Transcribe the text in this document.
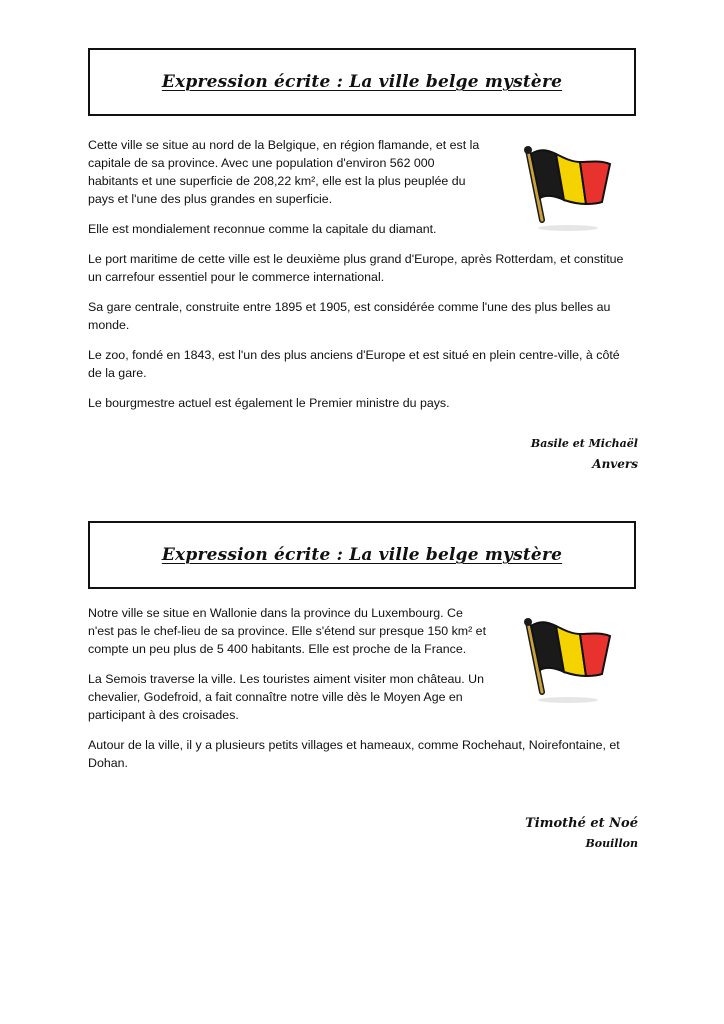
Expression écrite : La ville belge mystère

Cette ville se situe au nord de la Belgique, en région flamande, et est la capitale de sa province. Avec une population d'environ 562 000 habitants et une superficie de 208,22 km², elle est la plus peuplée du pays et l'une des plus grandes en superficie.

Elle est mondialement reconnue comme la capitale du diamant.

Le port maritime de cette ville est le deuxième plus grand d'Europe, après Rotterdam, et constitue un carrefour essentiel pour le commerce international.

Sa gare centrale, construite entre 1895 et 1905, est considérée comme l'une des plus belles au monde.

Le zoo, fondé en 1843, est l'un des plus anciens d'Europe et est situé en plein centre-ville, à côté de la gare.

Le bourgmestre actuel est également le Premier ministre du pays.

Basile et Michaël
Anvers
Expression écrite : La ville belge mystère

Notre ville se situe en Wallonie dans la province du Luxembourg. Ce n'est pas le chef-lieu de sa province. Elle s'étend sur presque 150 km² et compte un peu plus de 5 400 habitants. Elle est proche de la France.

La Semois traverse la ville. Les touristes aiment visiter mon château. Un chevalier, Godefroid, a fait connaître notre ville dès le Moyen Age en participant à des croisades.

Autour de la ville, il y a plusieurs petits villages et hameaux, comme Rochehaut, Noirefontaine, et Dohan.

Timothé et Noé
Bouillon
